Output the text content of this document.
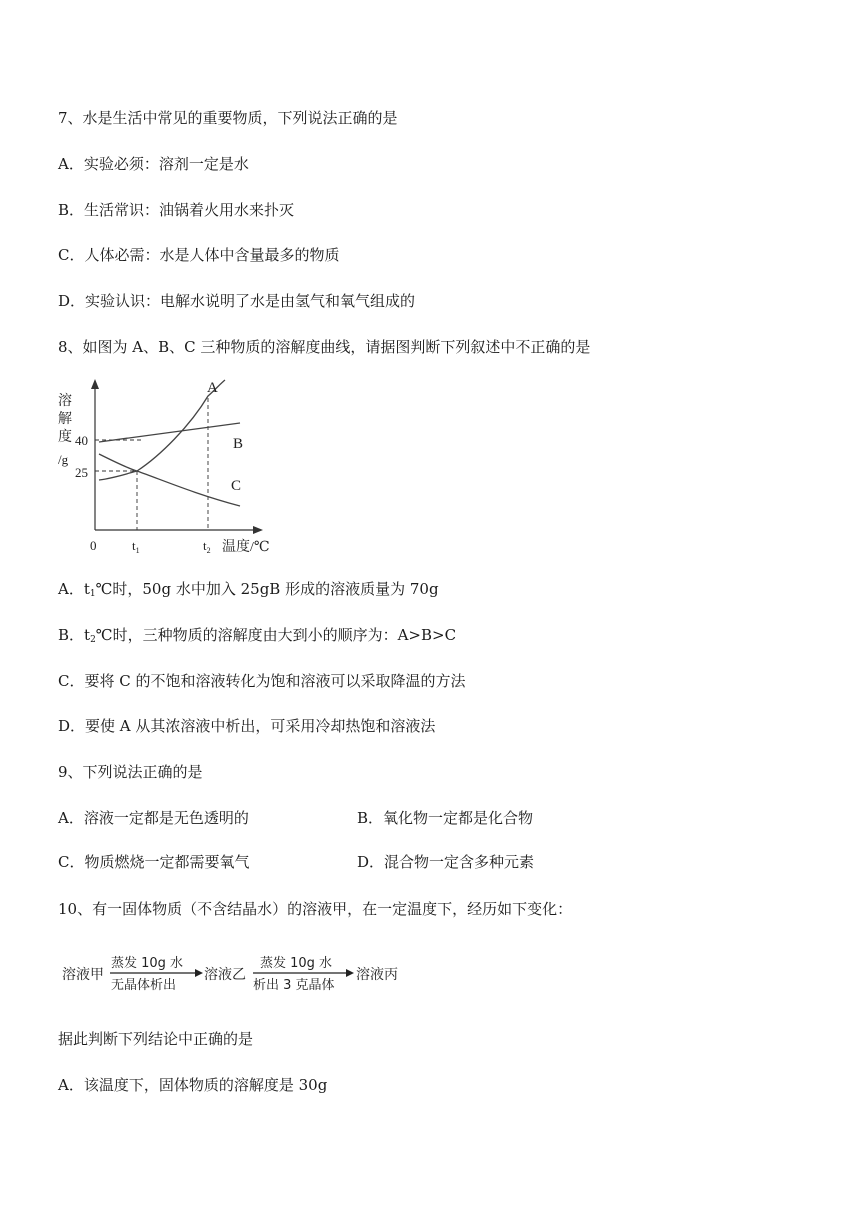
7、水是生活中常见的重要物质，下列说法正确的是
A．实验必须：溶剂一定是水
B．生活常识：油锅着火用水来扑灭
C．人体必需：水是人体中含量最多的物质
D．实验认识：电解水说明了水是由氢气和氧气组成的
8、如图为 A、B、C 三种物质的溶解度曲线，请据图判断下列叙述中不正确的是
A
B
C
溶
解
度
/g
40
25
0	$t_1$	$t_2$ 温度/℃
A．$t_1℃$时，50g 水中加入 25gB 形成的溶液质量为 70g
B．$t_2℃$时，三种物质的溶解度由大到小的顺序为：A>B>C
C．要将 C 的不饱和溶液转化为饱和溶液可以采取降温的方法
D．要使 A 从其浓溶液中析出，可采用冷却热饱和溶液法
9、下列说法正确的是
A．溶液一定都是无色透明的	B．氧化物一定都是化合物
C．物质燃烧一定都需要氧气	D．混合物一定含多种元素
10、有一固体物质（不含结晶水）的溶液甲，在一定温度下，经历如下变化：
溶液甲
蒸发 10g 水
无晶体析出
溶液乙
蒸发 10g 水
析出 3 克晶体
溶液丙
据此判断下列结论中正确的是
A．该温度下，固体物质的溶解度是 30g
